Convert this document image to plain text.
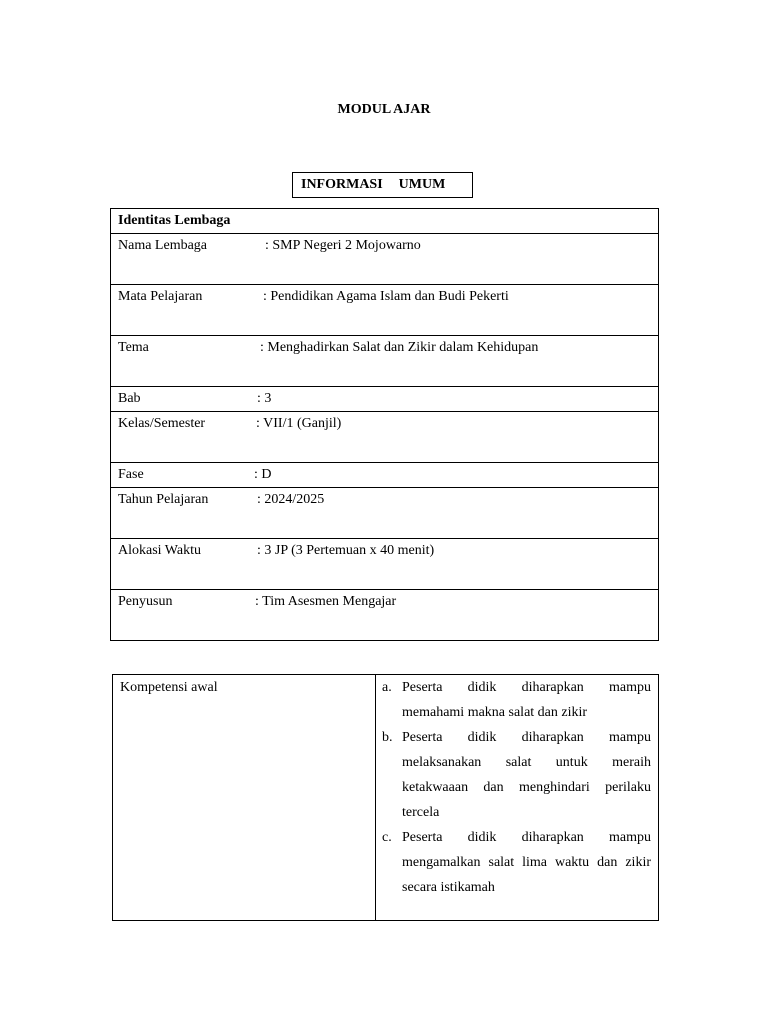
MODUL AJAR
INFORMASI UMUM
Identitas Lembaga

Nama Lembaga	: SMP Negeri 2 Mojowarno

Mata Pelajaran	: Pendidikan Agama Islam dan Budi Pekerti

Tema	: Menghadirkan Salat dan Zikir dalam Kehidupan

Bab	: 3

Kelas/Semester	: VII/1 (Ganjil)

Fase	: D

Tahun Pelajaran	: 2024/2025

Alokasi Waktu	: 3 JP (3 Pertemuan x 40 menit)

Penyusun	: Tim Asesmen Mengajar
Kompetensi awal	a. Peserta didik diharapkan mampu memahami makna salat dan zikir
b. Peserta didik diharapkan mampu melaksanakan salat untuk meraih ketakwaaan dan menghindari perilaku tercela
c. Peserta didik diharapkan mampu mengamalkan salat lima waktu dan zikir secara istikamah
